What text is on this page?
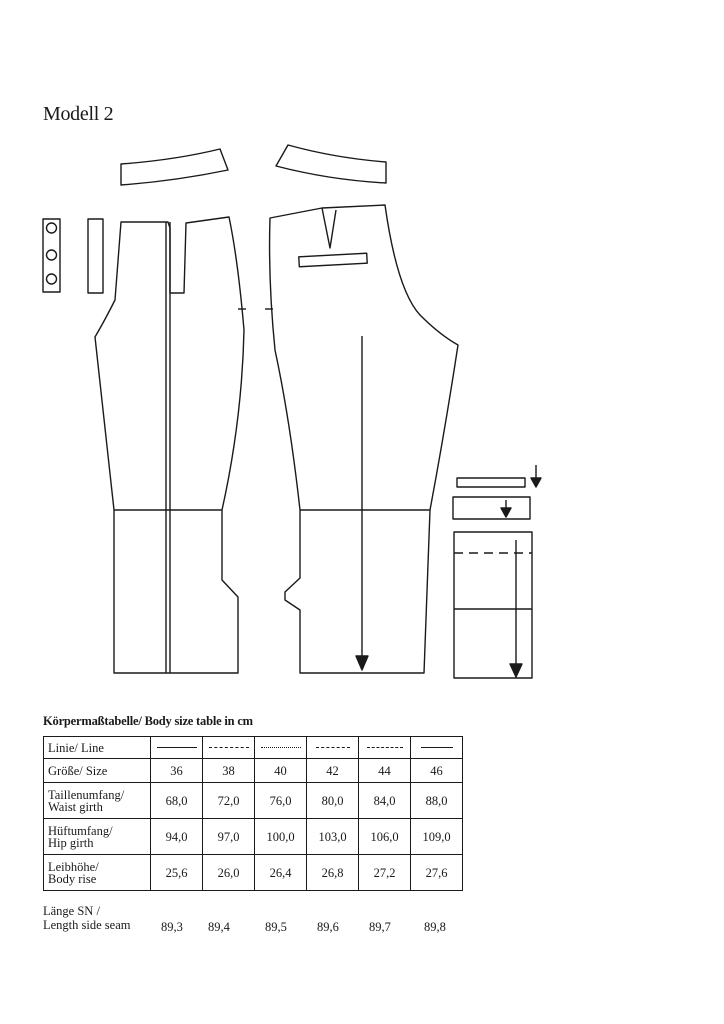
Modell 2
Körpermaßtabelle/ Body size table in cm
Linie/ Line	

Größe/ Size	36	38	40	42	44	46
Taillenumfang/
Waist girth	68,0	72,0	76,0	80,0	84,0	88,0
Hüftumfang/
Hip girth	94,0	97,0	100,0	103,0	106,0	109,0
Leibhöhe/
Body rise	25,6	26,0	26,4	26,8	27,2	27,6
Länge SN /
Length side seam 89,3 89,4	89,5 89,6 89,7	89,8
